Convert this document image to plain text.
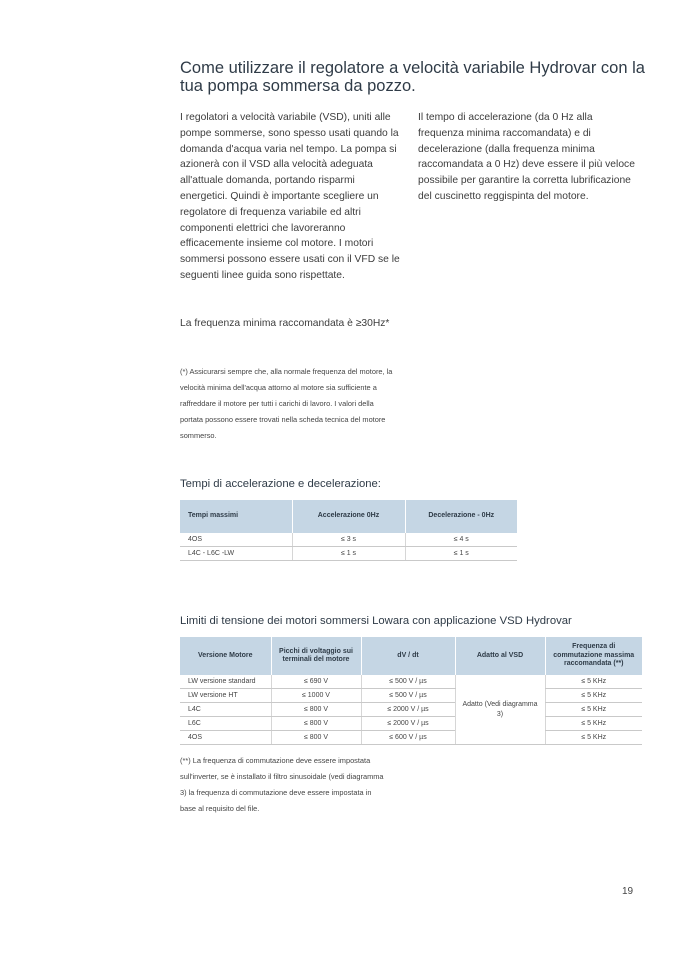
Come utilizzare il regolatore a velocità variabile Hydrovar con la tua pompa sommersa da pozzo.

I regolatori a velocità variabile (VSD), uniti alle pompe sommerse, sono spesso usati quando la domanda d'acqua varia nel tempo. La pompa si azionerà con il VSD alla velocità adeguata all'attuale domanda, portando risparmi energetici. Quindi è importante scegliere un regolatore di frequenza variabile ed altri componenti elettrici che lavoreranno efficacemente insieme col motore. I motori sommersi possono essere usati con il VFD se le seguenti linee guida sono rispettate.

Il tempo di accelerazione (da 0 Hz alla frequenza minima raccomandata) e di decelerazione (dalla frequenza minima raccomandata a 0 Hz) deve essere il più veloce possibile per garantire la corretta lubrificazione del cuscinetto reggispinta del motore.

La frequenza minima raccomandata è ≥30Hz*

(*) Assicurarsi sempre che, alla normale frequenza del motore, la velocità minima dell'acqua attorno al motore sia sufficiente a raffreddare il motore per tutti i carichi di lavoro. I valori della portata possono essere trovati nella scheda tecnica del motore sommerso.

Tempi di accelerazione e decelerazione:
Tempi massimi	Accelerazione 0Hz	Decelerazione - 0Hz
4OS	≤ 3 s	≤ 4 s
L4C - L6C -LW	≤ 1 s	≤ 1 s
Limiti di tensione dei motori sommersi Lowara con applicazione VSD Hydrovar
Versione Motore	Picchi di voltaggio sui terminali del motore	dV / dt	Adatto al VSD	Frequenza di commutazione massima raccomandata (**)
LW versione standard	≤ 690 V	≤ 500 V / µs	Adatto (Vedi diagramma 3)	≤ 5 KHz
LW versione HT	≤ 1000 V	≤ 500 V / µs		≤ 5 KHz
L4C	≤ 800 V	≤ 2000 V / µs		≤ 5 KHz
L6C	≤ 800 V	≤ 2000 V / µs		≤ 5 KHz
4OS	≤ 800 V	≤ 600 V / µs		≤ 5 KHz

(**) La frequenza di commutazione deve essere impostata sull'inverter, se è installato il filtro sinusoidale (vedi diagramma 3) la frequenza di commutazione deve essere impostata in base al requisito del file.

19
